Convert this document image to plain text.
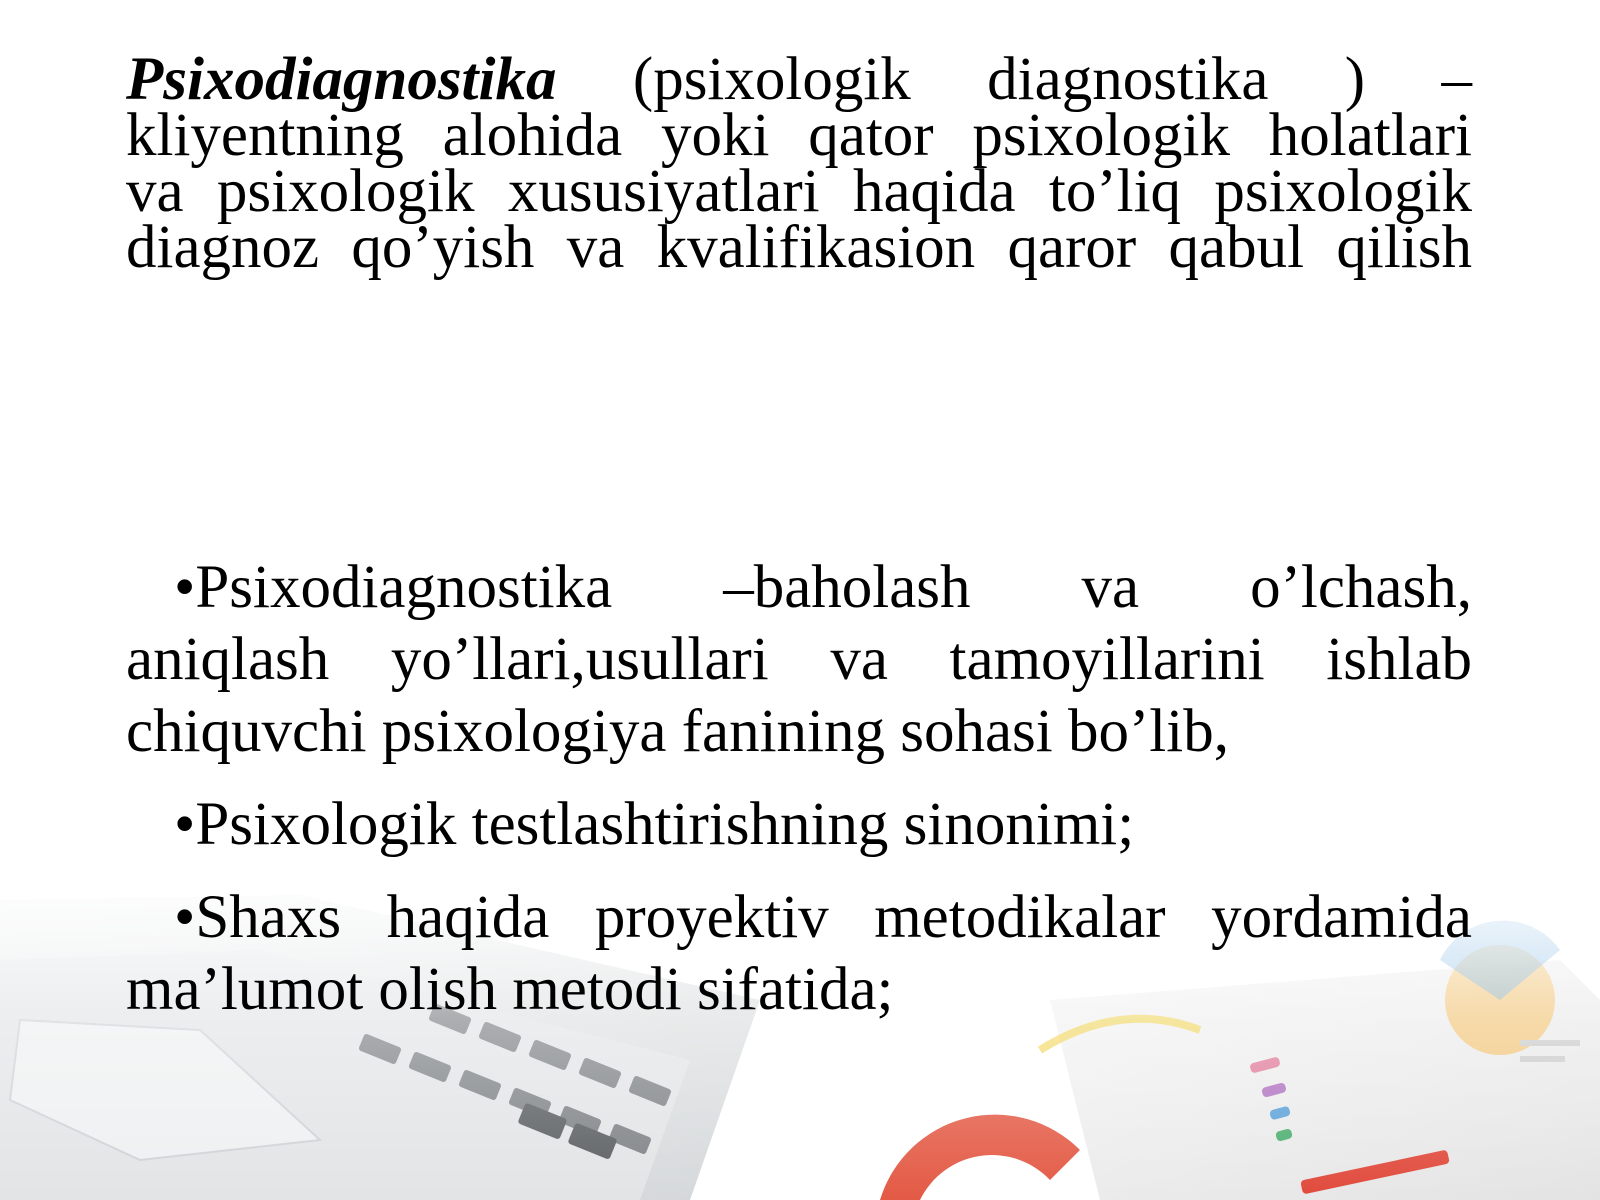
Psixodiagnostika (psixologik diagnostika ) –
kliyentning alohida yoki qator psixologik holatlari
va psixologik xususiyatlari haqida to’liq psixologik
diagnoz qo’yish va kvalifikasion qaror qabul qilish
•Psixodiagnostika –baholash va o’lchash,
aniqlash yo’llari,usullari va tamoyillarini ishlab
chiquvchi psixologiya fanining sohasi bo’lib,
•Psixologik testlashtirishning sinonimi;
•Shaxs haqida proyektiv metodikalar yordamida
ma’lumot olish metodi sifatida;
